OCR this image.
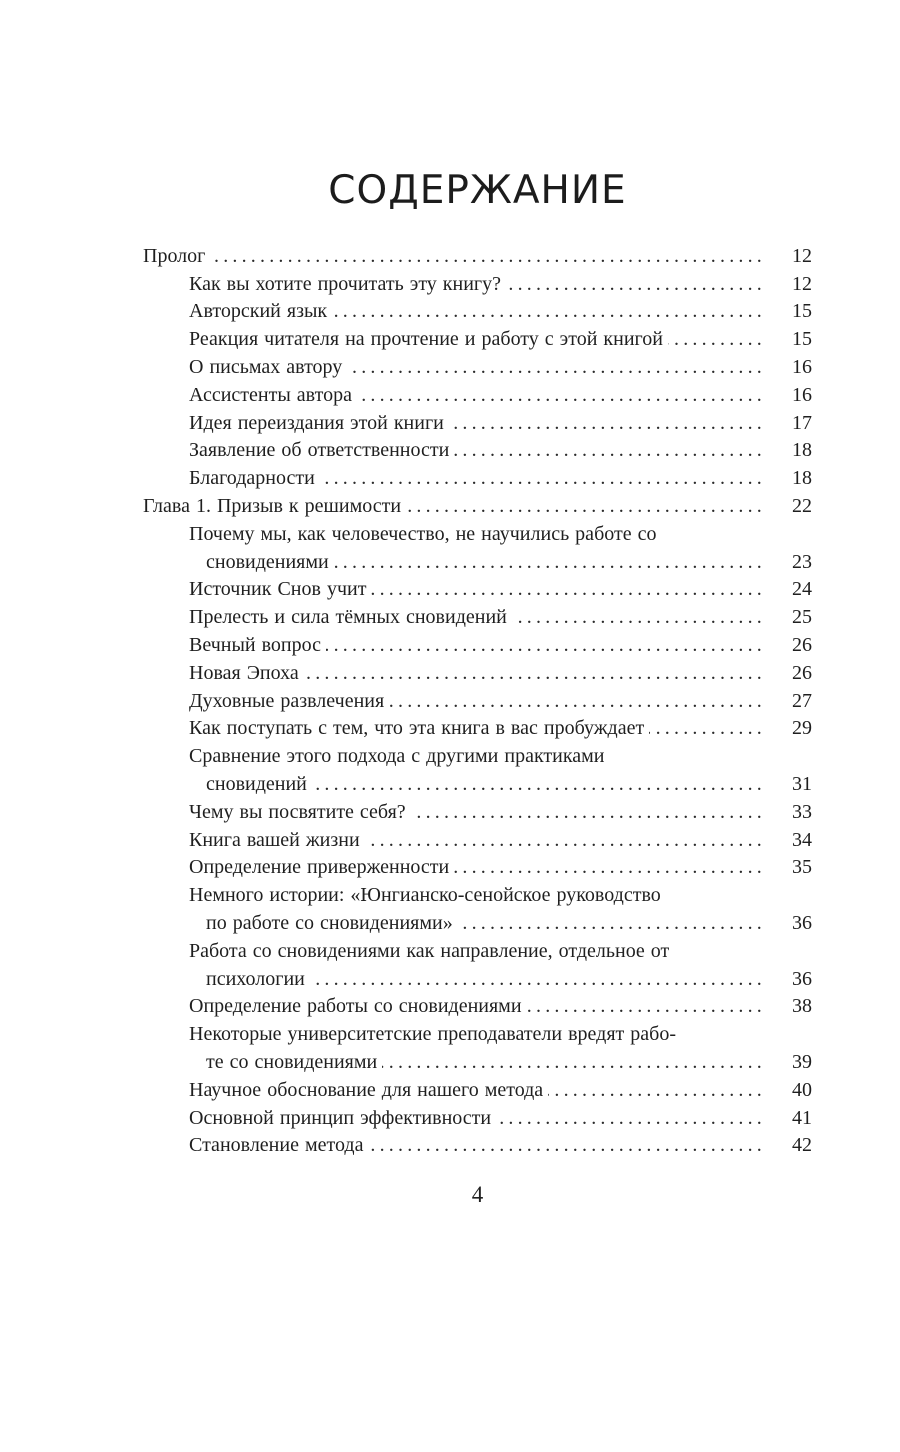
СОДЕРЖАНИЕ
Пролог .....	12
Как вы хотите прочитать эту книгу? .....	12
Авторский язык .....	15
Реакция читателя на прочтение и работу с этой книгой .....	15
О письмах автору .....	16
Ассистенты автора .....	16
Идея переиздания этой книги .....	17
Заявление об ответственности .....	18
Благодарности .....	18
Глава 1. Призыв к решимости .....	22
Почему мы, как человечество, не научились работе со
сновидениями .....	23
Источник Снов учит .....	24
Прелесть и сила тёмных сновидений .....	25
Вечный вопрос .....	26
Новая Эпоха .....	26
Духовные развлечения .....	27
Как поступать с тем, что эта книга в вас пробуждает .....	29
Сравнение этого подхода с другими практиками
сновидений .....	31
Чему вы посвятите себя? .....	33
Книга вашей жизни .....	34
Определение приверженности .....	35
Немного истории: «Юнгианско-сенойское руководство
по работе со сновидениями» .....	36
Работа со сновидениями как направление, отдельное от
психологии .....	36
Определение работы со сновидениями .....	38
Некоторые университетские преподаватели вредят рабо-
те со сновидениями .....	39
Научное обоснование для нашего метода .....	40
Основной принцип эффективности .....	41
Становление метода .....	42
4
